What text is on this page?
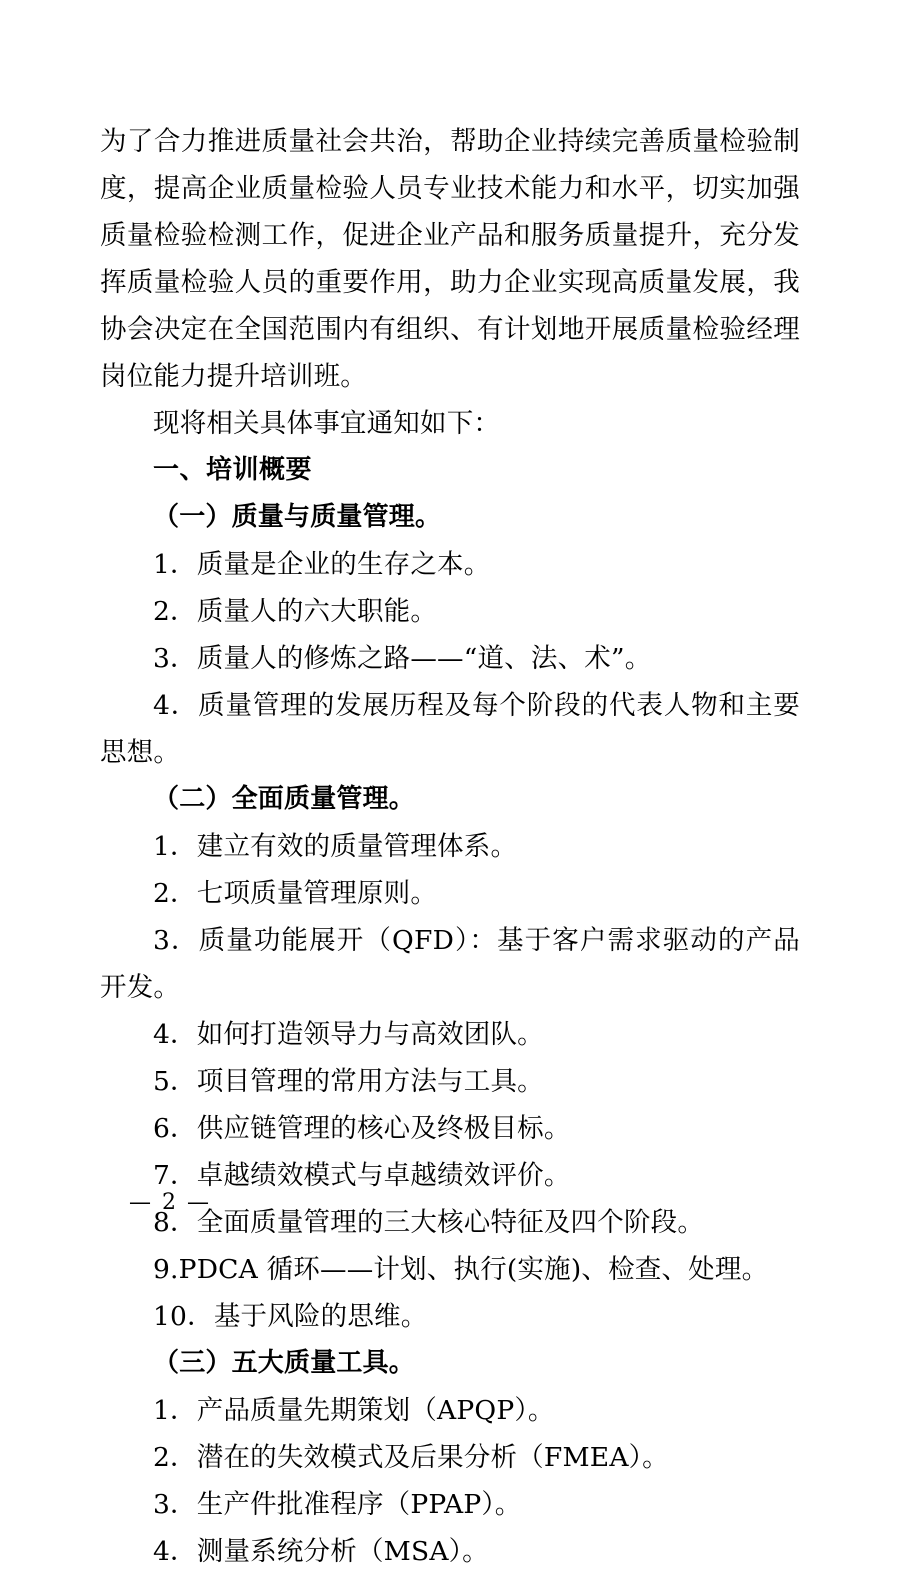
为了合力推进质量社会共治，帮助企业持续完善质量检验制度，提高企业质量检验人员专业技术能力和水平，切实加强质量检验检测工作，促进企业产品和服务质量提升，充分发挥质量检验人员的重要作用，助力企业实现高质量发展，我协会决定在全国范围内有组织、有计划地开展质量检验经理岗位能力提升培训班。

现将相关具体事宜通知如下：

一、培训概要

（一）质量与质量管理。

1．质量是企业的生存之本。

2．质量人的六大职能。

3．质量人的修炼之路——“道、法、术”。

4．质量管理的发展历程及每个阶段的代表人物和主要思想。

（二）全面质量管理。

1．建立有效的质量管理体系。

2．七项质量管理原则。

3．质量功能展开（QFD）：基于客户需求驱动的产品开发。

4．如何打造领导力与高效团队。

5．项目管理的常用方法与工具。

6．供应链管理的核心及终极目标。

7．卓越绩效模式与卓越绩效评价。

8．全面质量管理的三大核心特征及四个阶段。

9.PDCA 循环——计划、执行(实施)、检查、处理。

10．基于风险的思维。

（三）五大质量工具。

1．产品质量先期策划（APQP）。

2．潜在的失效模式及后果分析（FMEA）。

3．生产件批准程序（PPAP）。

4．测量系统分析（MSA）。

— 2 —
